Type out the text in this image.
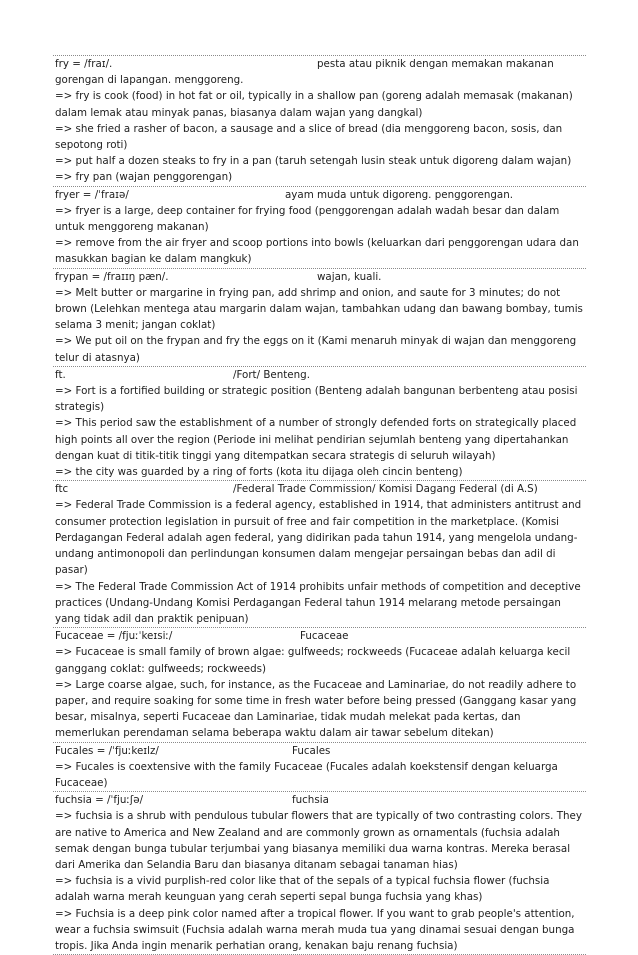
fry = /fraɪ/.	pesta atau piknik dengan memakan makanan
gorengan di lapangan. menggoreng.
=> fry is cook (food) in hot fat or oil, typically in a shallow pan (goreng adalah memasak (makanan) dalam lemak atau minyak panas, biasanya dalam wajan yang dangkal)
=> she fried a rasher of bacon, a sausage and a slice of bread (dia menggoreng bacon, sosis, dan sepotong roti)
=> put half a dozen steaks to fry in a pan (taruh setengah lusin steak untuk digoreng dalam wajan)
=> fry pan (wajan penggorengan)
fryer = /ˈfraɪə/	ayam muda untuk digoreng. penggorengan.
=> fryer is a large, deep container for frying food (penggorengan adalah wadah besar dan dalam untuk menggoreng makanan)
=> remove from the air fryer and scoop portions into bowls (keluarkan dari penggorengan udara dan masukkan bagian ke dalam mangkuk)
frypan = /fraɪɪŋ pæn/.	wajan, kuali.
=> Melt butter or margarine in frying pan, add shrimp and onion, and saute for 3 minutes; do not brown (Lelehkan mentega atau margarin dalam wajan, tambahkan udang dan bawang bombay, tumis selama 3 menit; jangan coklat)
=> We put oil on the frypan and fry the eggs on it (Kami menaruh minyak di wajan dan menggoreng telur di atasnya)
ft.	/Fort/ Benteng.
=> Fort is a fortified building or strategic position (Benteng adalah bangunan berbenteng atau posisi strategis)
=> This period saw the establishment of a number of strongly defended forts on strategically placed high points all over the region (Periode ini melihat pendirian sejumlah benteng yang dipertahankan dengan kuat di titik-titik tinggi yang ditempatkan secara strategis di seluruh wilayah)
=> the city was guarded by a ring of forts (kota itu dijaga oleh cincin benteng)
ftc	/Federal Trade Commission/ Komisi Dagang Federal (di A.S)
=> Federal Trade Commission is a federal agency, established in 1914, that administers antitrust and consumer protection legislation in pursuit of free and fair competition in the marketplace. (Komisi Perdagangan Federal adalah agen federal, yang didirikan pada tahun 1914, yang mengelola undang-undang antimonopoli dan perlindungan konsumen dalam mengejar persaingan bebas dan adil di pasar)
=> The Federal Trade Commission Act of 1914 prohibits unfair methods of competition and deceptive practices (Undang-Undang Komisi Perdagangan Federal tahun 1914 melarang metode persaingan yang tidak adil dan praktik penipuan)
Fucaceae = /fjuːˈkeɪsiː/	Fucaceae
=> Fucaceae is small family of brown algae: gulfweeds; rockweeds (Fucaceae adalah keluarga kecil ganggang coklat: gulfweeds; rockweeds)
=> Large coarse algae, such, for instance, as the Fucaceae and Laminariae, do not readily adhere to paper, and require soaking for some time in fresh water before being pressed (Ganggang kasar yang besar, misalnya, seperti Fucaceae dan Laminariae, tidak mudah melekat pada kertas, dan memerlukan perendaman selama beberapa waktu dalam air tawar sebelum ditekan)
Fucales = /ˈfjuːkeɪlz/	Fucales
=> Fucales is coextensive with the family Fucaceae (Fucales adalah koekstensif dengan keluarga Fucaceae)
fuchsia = /ˈfjuːʃə/	fuchsia
=> fuchsia is a shrub with pendulous tubular flowers that are typically of two contrasting colors. They are native to America and New Zealand and are commonly grown as ornamentals (fuchsia adalah semak dengan bunga tubular terjumbai yang biasanya memiliki dua warna kontras. Mereka berasal dari Amerika dan Selandia Baru dan biasanya ditanam sebagai tanaman hias)
=> fuchsia is a vivid purplish-red color like that of the sepals of a typical fuchsia flower (fuchsia adalah warna merah keunguan yang cerah seperti sepal bunga fuchsia yang khas)
=> Fuchsia is a deep pink color named after a tropical flower. If you want to grab people's attention, wear a fuchsia swimsuit (Fuchsia adalah warna merah muda tua yang dinamai sesuai dengan bunga tropis. Jika Anda ingin menarik perhatian orang, kenakan baju renang fuchsia)
